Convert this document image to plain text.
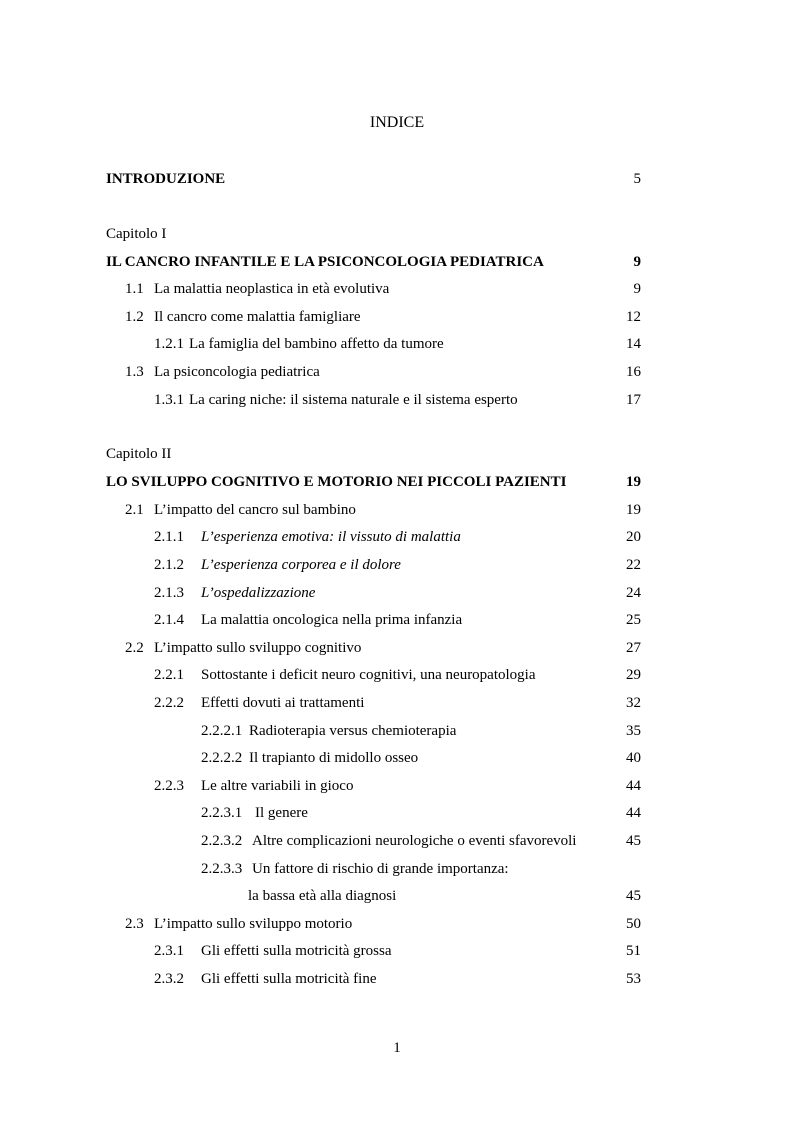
INDICE
INTRODUZIONE	5
Capitolo I
IL CANCRO INFANTILE E LA PSICONCOLOGIA PEDIATRICA	9
1.1 La malattia neoplastica in età evolutiva	9
1.2 Il cancro come malattia famigliare	12
1.2.1 La famiglia del bambino affetto da tumore	14
1.3 La psiconcologia pediatrica	16
1.3.1 La caring niche: il sistema naturale e il sistema esperto	17
Capitolo II
LO SVILUPPO COGNITIVO E MOTORIO NEI PICCOLI PAZIENTI	19
2.1 L’impatto del cancro sul bambino	19
2.1.1 L’esperienza emotiva: il vissuto di malattia	20
2.1.2 L’esperienza corporea e il dolore	22
2.1.3 L’ospedalizzazione	24
2.1.4 La malattia oncologica nella prima infanzia	25
2.2 L’impatto sullo sviluppo cognitivo	27
2.2.1 Sottostante i deficit neuro cognitivi, una neuropatologia	29
2.2.2 Effetti dovuti ai trattamenti	32
2.2.2.1 Radioterapia versus chemioterapia	35
2.2.2.2 Il trapianto di midollo osseo	40
2.2.3 Le altre variabili in gioco	44
2.2.3.1 Il genere	44
2.2.3.2 Altre complicazioni neurologiche o eventi sfavorevoli	45
2.2.3.3 Un fattore di rischio di grande importanza:
la bassa età alla diagnosi	45
2.3 L’impatto sullo sviluppo motorio	50
2.3.1 Gli effetti sulla motricità grossa	51
2.3.2 Gli effetti sulla motricità fine	53
1
